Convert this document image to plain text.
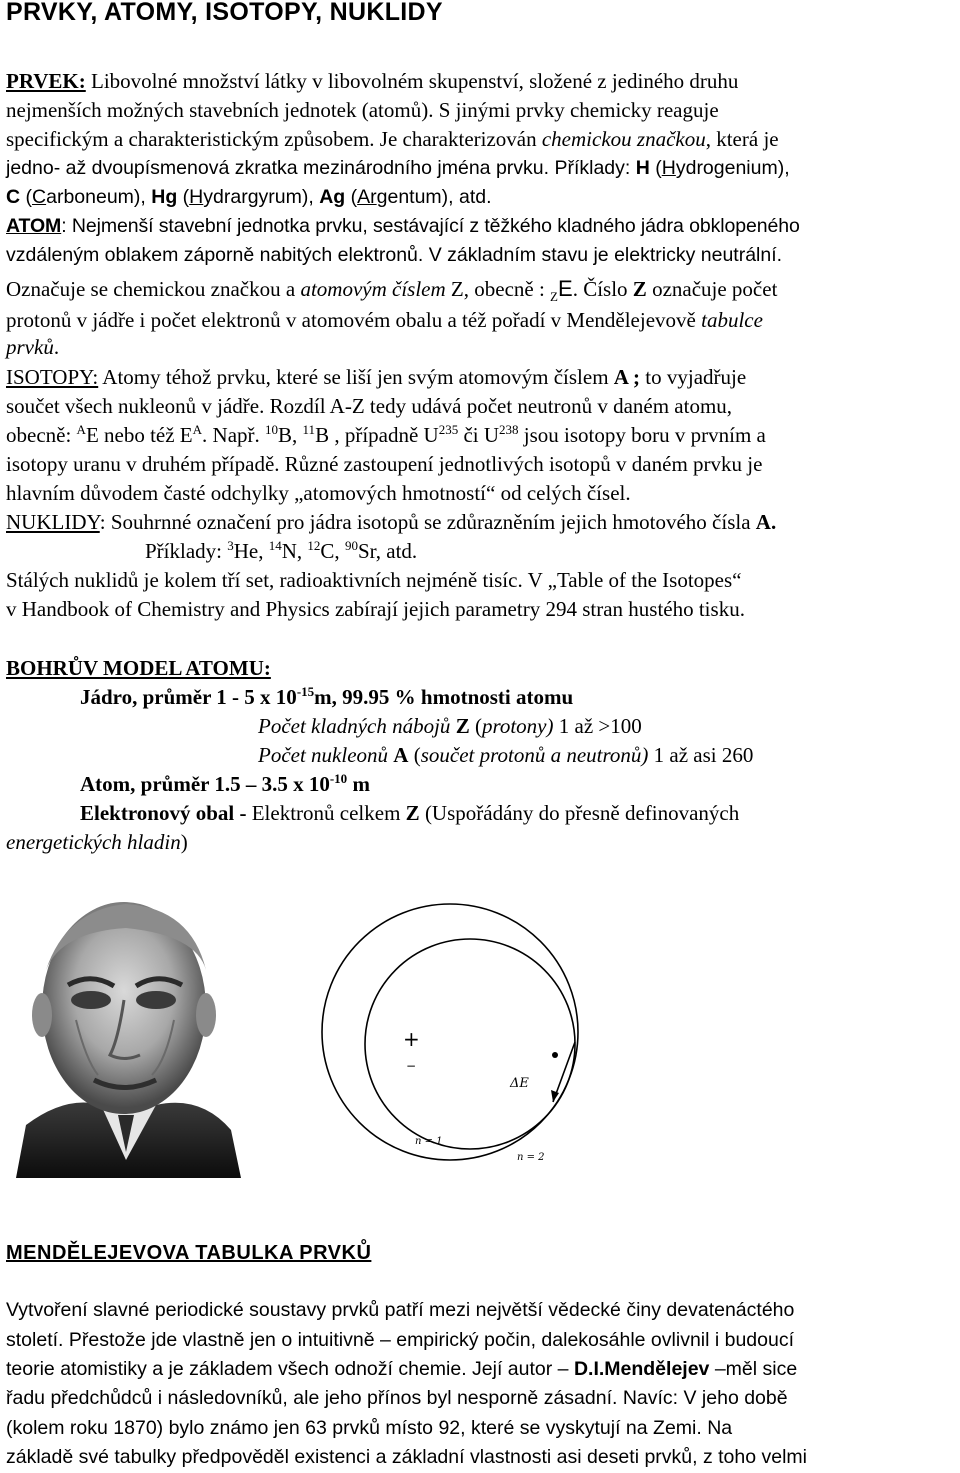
PRVKY, ATOMY, ISOTOPY, NUKLIDY
PRVEK: Libovolné množství látky v libovolném skupenství, složené z jediného druhu
nejmenších možných stavebních jednotek (atomů). S jinými prvky chemicky reaguje
specifickým a charakteristickým způsobem. Je charakterizován chemickou značkou, která je
jedno- až dvoupísmenová zkratka mezinárodního jména prvku. Příklady: H (Hydrogenium),
C (Carboneum), Hg (Hydrargyrum), Ag (Argentum), atd.
ATOM: Nejmenší stavební jednotka prvku, sestávající z těžkého kladného jádra obklopeného
vzdáleným oblakem záporně nabitých elektronů. V základním stavu je elektricky neutrální.
Označuje se chemickou značkou a atomovým číslem Z, obecně : $_Z$E. Číslo Z označuje počet
protonů v jádře i počet elektronů v atomovém obalu a též pořadí v Mendělejevově tabulce
prvků.
ISOTOPY: Atomy téhož prvku, které se liší jen svým atomovým číslem A ; to vyjadřuje
součet všech nukleonů v jádře. Rozdíl A-Z tedy udává počet neutronů v daném atomu,
obecně: $^A$E nebo též $E^A$. Např. $^{10}$B, $^{11}$B , případně $U^{235}$ či $U^{238}$ jsou isotopy boru v prvním a
isotopy uranu v druhém případě. Různé zastoupení jednotlivých isotopů v daném prvku je
hlavním důvodem časté odchylky „atomových hmotností“ od celých čísel.
NUKLIDY: Souhrnné označení pro jádra isotopů se zdůrazněním jejich hmotového čísla A.
Příklady: $^3$He, $^{14}$N, $^{12}$C, $^{90}$Sr, atd.
Stálých nuklidů je kolem tří set, radioaktivních nejméně tisíc. V „Table of the Isotopes“
v Handbook of Chemistry and Physics zabírají jejich parametry 294 stran hustého tisku.
BOHRŮV MODEL ATOMU:
Jádro, průměr 1 - 5 x $10^{-15}m$, 99.95 % hmotnosti atomu
Počet kladných nábojů Z (protony) 1 až >100
Počet nukleonů A (součet protonů a neutronů) 1 až asi 260
Atom, průměr 1.5 – 3.5 x $10^{-10}$ m
Elektronový obal - Elektronů celkem Z (Uspořádány do přesně definovaných
energetických hladin)
+
−
ΔE
n = 1
n = 2
MENDĚLEJEVOVA TABULKA PRVKŮ
Vytvoření slavné periodické soustavy prvků patří mezi největší vědecké činy devatenáctého
století. Přestože jde vlastně jen o intuitivně – empirický počin, dalekosáhle ovlivnil i budoucí
teorie atomistiky a je základem všech odnoží chemie. Její autor – D.I.Mendělejev –měl sice
řadu předchůdců i následovníků, ale jeho přínos byl nesporně zásadní. Navíc: V jeho době
(kolem roku 1870) bylo známo jen 63 prvků místo 92, které se vyskytují na Zemi. Na
základě své tabulky předpověděl existenci a základní vlastnosti asi deseti prvků, z toho velmi
